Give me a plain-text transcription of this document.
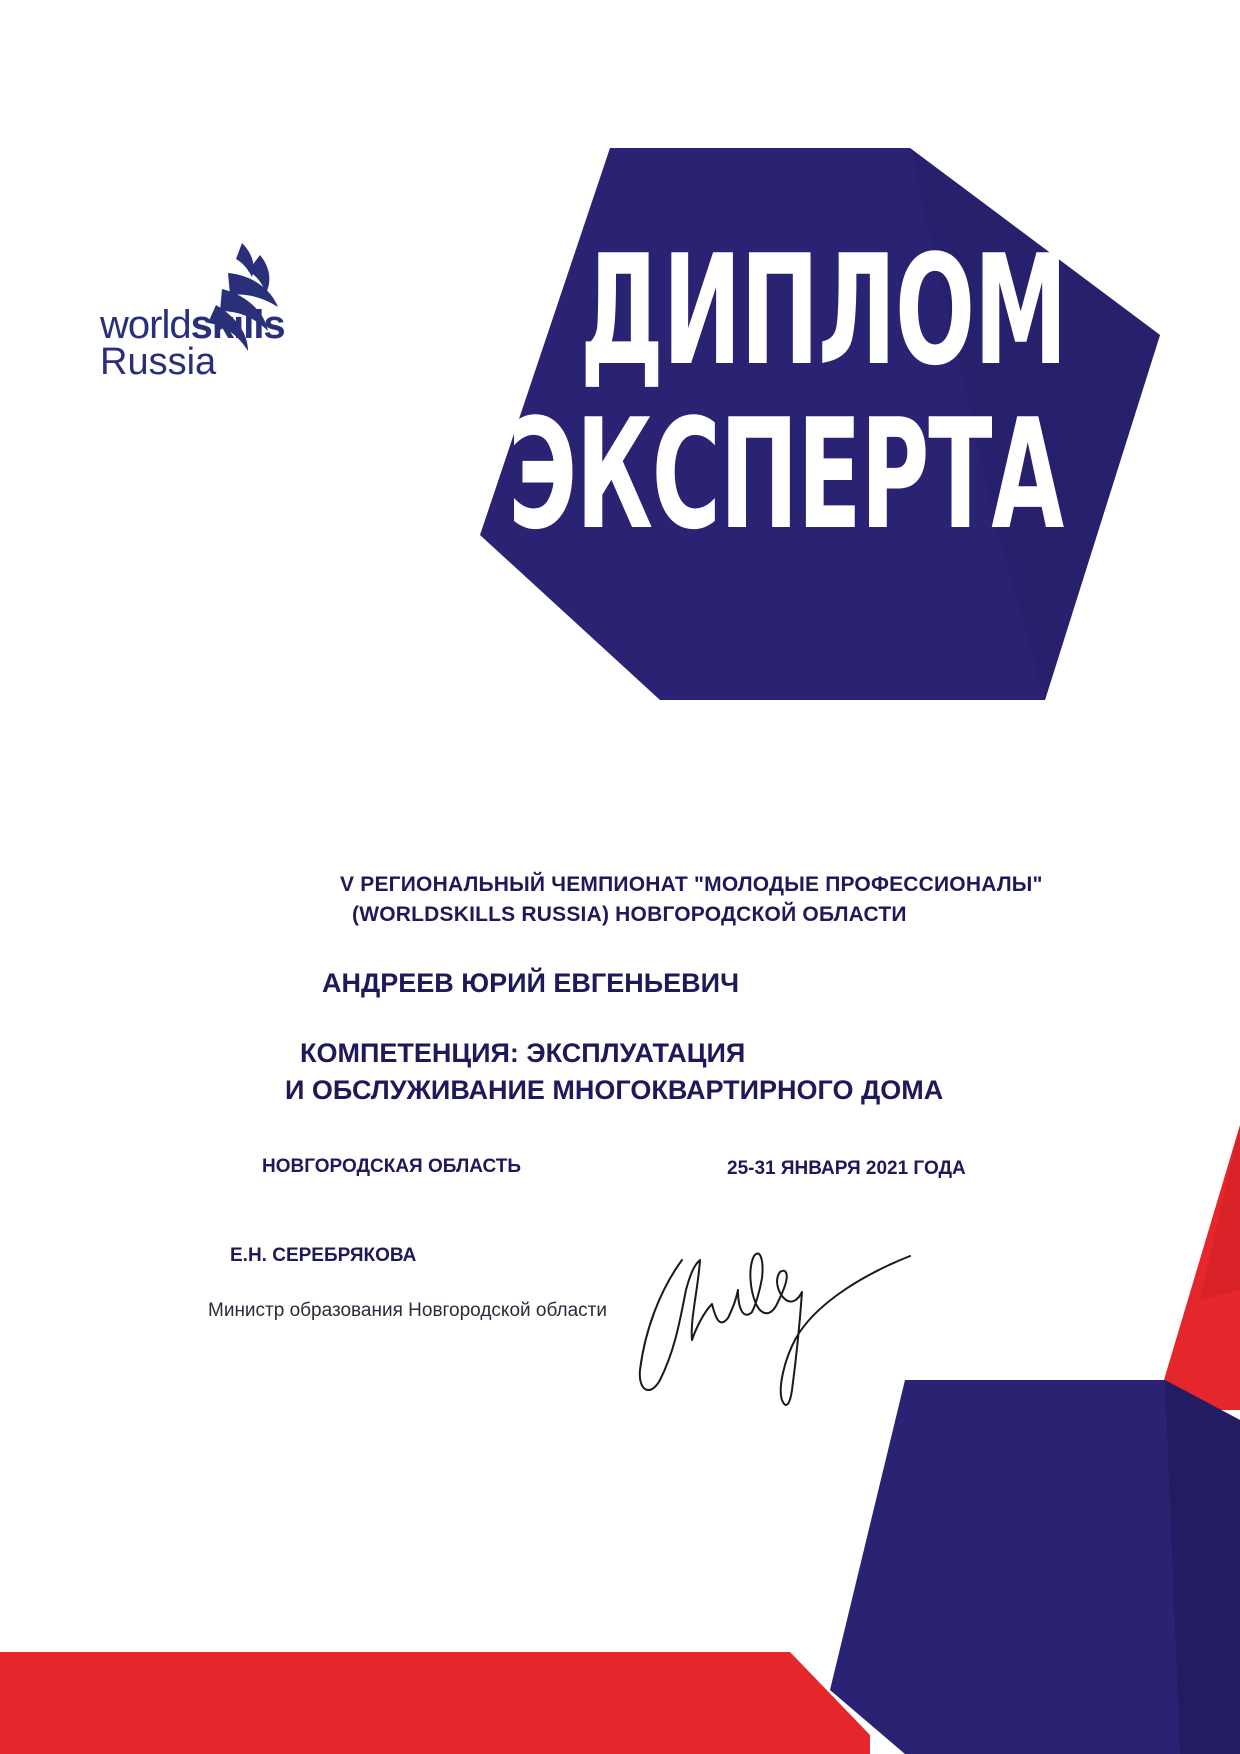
worldskills
Russia	ДИПЛОМ
ЭКСПЕРТА
V РЕГИОНАЛЬНЫЙ ЧЕМПИОНАТ "МОЛОДЫЕ ПРОФЕССИОНАЛЫ"
(WORLDSKILLS RUSSIA) НОВГОРОДСКОЙ ОБЛАСТИ
АНДРЕЕВ ЮРИЙ ЕВГЕНЬЕВИЧ
КОМПЕТЕНЦИЯ: ЭКСПЛУАТАЦИЯ
И ОБСЛУЖИВАНИЕ МНОГОКВАРТИРНОГО ДОМА
НОВГОРОДСКАЯ ОБЛАСТЬ	25-31 ЯНВАРЯ 2021 ГОДА
Е.Н. СЕРЕБРЯКОВА
Министр образования Новгородской области
